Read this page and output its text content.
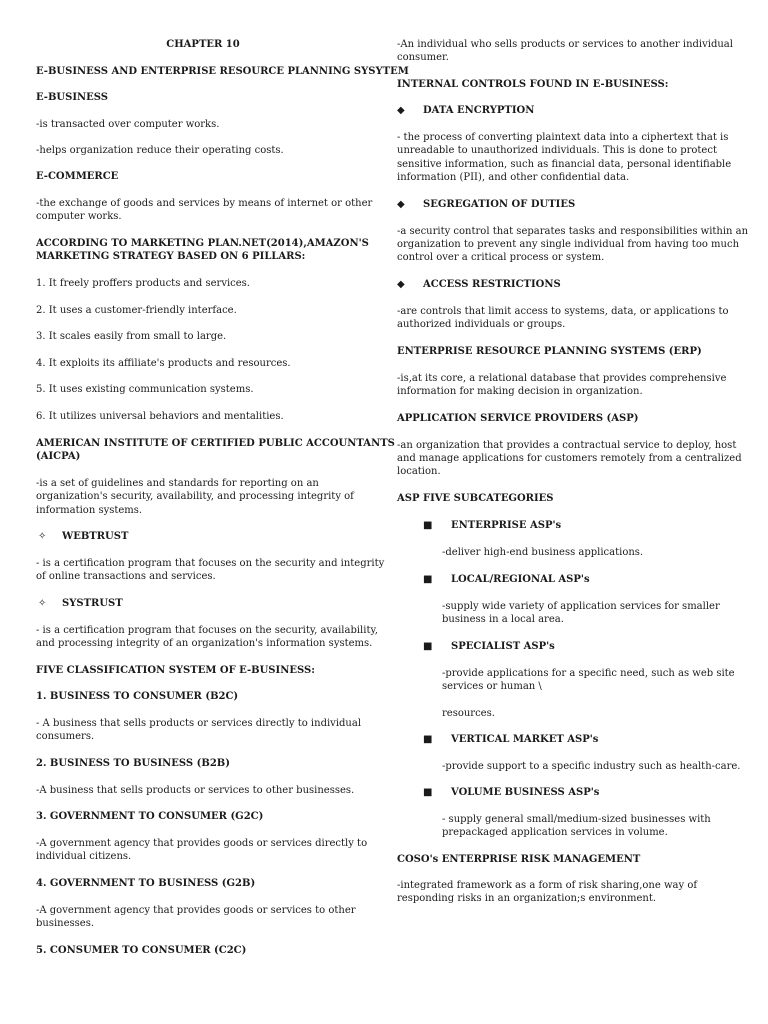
CHAPTER 10
E-BUSINESS AND ENTERPRISE RESOURCE PLANNING SYSYTEM
E-BUSINESS
-is transacted over computer works.
-helps organization reduce their operating costs.
E-COMMERCE
-the exchange of goods and services by means of internet or other
computer works.
ACCORDING TO MARKETING PLAN.NET(2014),AMAZON'S
MARKETING STRATEGY BASED ON 6 PILLARS:
1. It freely proffers products and services.
2. It uses a customer-friendly interface.
3. It scales easily from small to large.
4. It exploits its affiliate's products and resources.
5. It uses existing communication systems.
6. It utilizes universal behaviors and mentalities.
AMERICAN INSTITUTE OF CERTIFIED PUBLIC ACCOUNTANTS
(AICPA)
-is a set of guidelines and standards for reporting on an
organization's security, availability, and processing integrity of
information systems.
✧ WEBTRUST
- is a certification program that focuses on the security and integrity
of online transactions and services.
✧ SYSTRUST
- is a certification program that focuses on the security, availability,
and processing integrity of an organization's information systems.
FIVE CLASSIFICATION SYSTEM OF E-BUSINESS:
1. BUSINESS TO CONSUMER (B2C)
- A business that sells products or services directly to individual
consumers.
2. BUSINESS TO BUSINESS (B2B)
-A business that sells products or services to other businesses.
3. GOVERNMENT TO CONSUMER (G2C)
-A government agency that provides goods or services directly to
individual citizens.
4. GOVERNMENT TO BUSINESS (G2B)
-A government agency that provides goods or services to other
businesses.
5. CONSUMER TO CONSUMER (C2C)
-An individual who sells products or services to another individual
consumer.
INTERNAL CONTROLS FOUND IN E-BUSINESS:
◆ DATA ENCRYPTION
- the process of converting plaintext data into a ciphertext that is
unreadable to unauthorized individuals. This is done to protect
sensitive information, such as financial data, personal identifiable
information (PII), and other confidential data.
◆ SEGREGATION OF DUTIES
-a security control that separates tasks and responsibilities within an
organization to prevent any single individual from having too much
control over a critical process or system.
◆ ACCESS RESTRICTIONS
-are controls that limit access to systems, data, or applications to
authorized individuals or groups.
ENTERPRISE RESOURCE PLANNING SYSTEMS (ERP)
-is,at its core, a relational database that provides comprehensive
information for making decision in organization.
APPLICATION SERVICE PROVIDERS (ASP)
-an organization that provides a contractual service to deploy, host
and manage applications for customers remotely from a centralized
location.
ASP FIVE SUBCATEGORIES
■ ENTERPRISE ASP's
-deliver high-end business applications.
■ LOCAL/REGIONAL ASP's
-supply wide variety of application services for smaller
business in a local area.
■ SPECIALIST ASP's
-provide applications for a specific need, such as web site
services or human \
resources.
■ VERTICAL MARKET ASP's
-provide support to a specific industry such as health-care.
■ VOLUME BUSINESS ASP's
- supply general small/medium-sized businesses with
prepackaged application services in volume.
COSO's ENTERPRISE RISK MANAGEMENT
-integrated framework as a form of risk sharing,one way of
responding risks in an organization;s environment.
